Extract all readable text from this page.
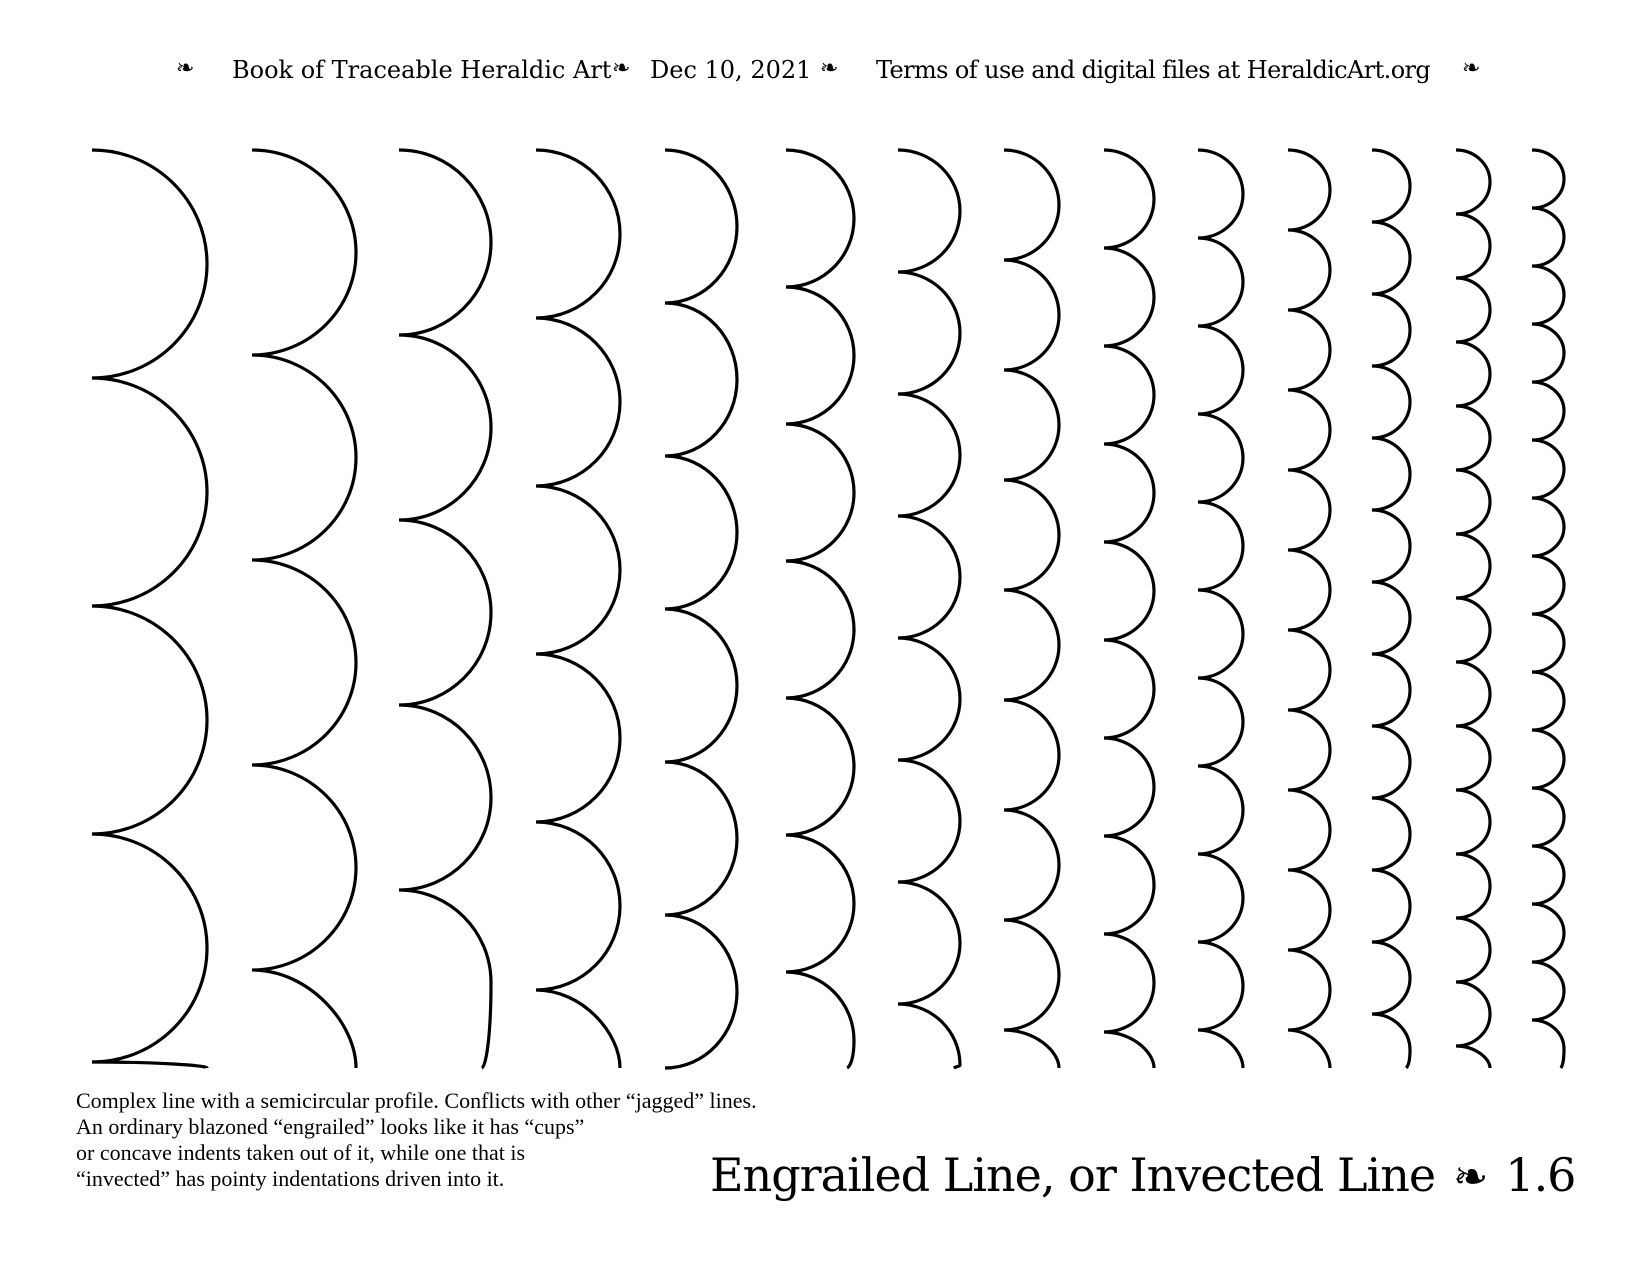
❧ Book of Traceable Heraldic Art ❧ Dec 10, 2021 ❧ Terms of use and digital files at HeraldicArt.org ❧
Complex line with a semicircular profile. Conflicts with other “jagged” lines.
An ordinary blazoned “engrailed” looks like it has “cups”
or concave indents taken out of it, while one that is
“invected” has pointy indentations driven into it.	Engrailed Line, or Invected Line ❧ 1.6
